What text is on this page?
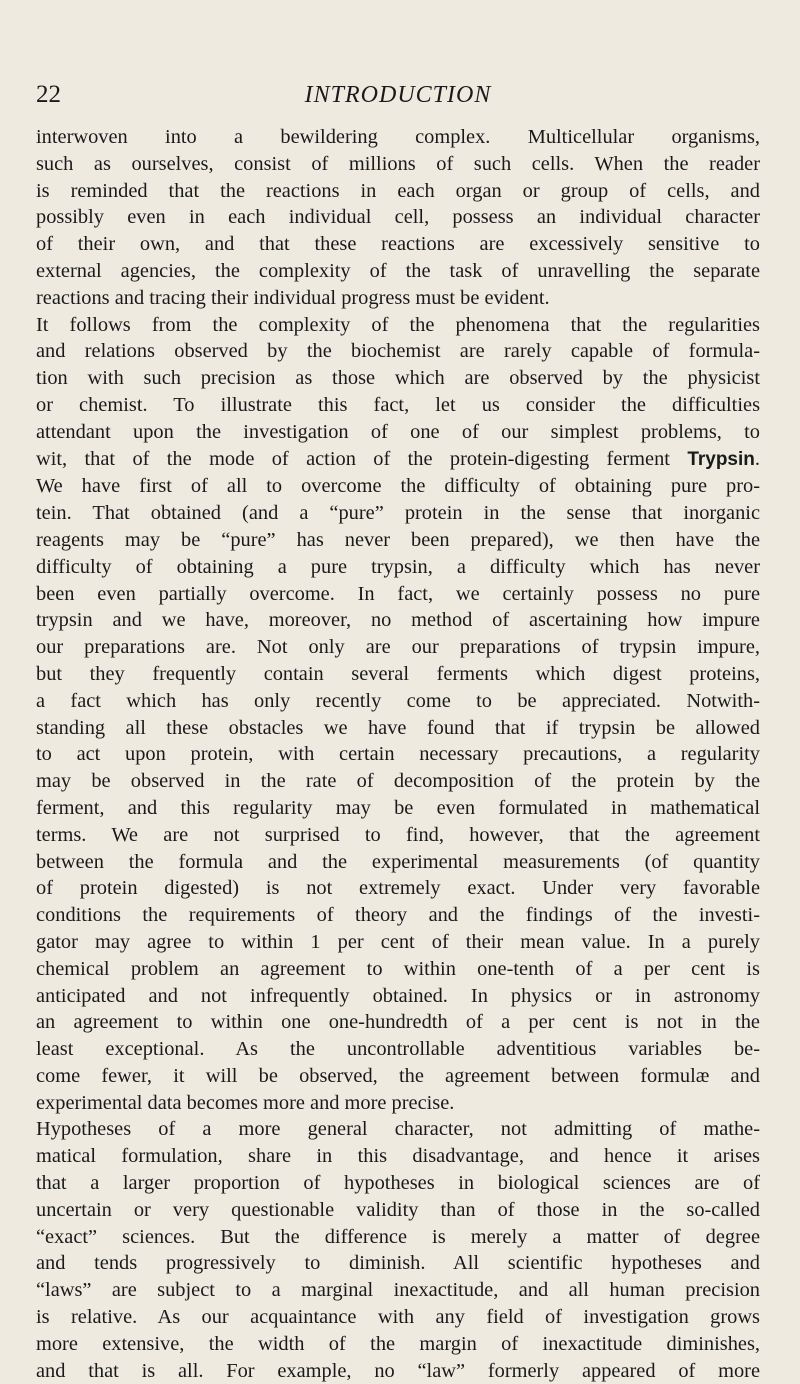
22	INTRODUCTION
interwoven into a bewildering complex. Multicellular organisms,
such as ourselves, consist of millions of such cells. When the reader
is reminded that the reactions in each organ or group of cells, and
possibly even in each individual cell, possess an individual character
of their own, and that these reactions are excessively sensitive to
external agencies, the complexity of the task of unravelling the separate
reactions and tracing their individual progress must be evident.
It follows from the complexity of the phenomena that the regularities
and relations observed by the biochemist are rarely capable of formula-
tion with such precision as those which are observed by the physicist
or chemist. To illustrate this fact, let us consider the difficulties
attendant upon the investigation of one of our simplest problems, to
wit, that of the mode of action of the protein-digesting ferment Trypsin.
We have first of all to overcome the difficulty of obtaining pure pro-
tein. That obtained (and a “pure” protein in the sense that inorganic
reagents may be “pure” has never been prepared), we then have the
difficulty of obtaining a pure trypsin, a difficulty which has never
been even partially overcome. In fact, we certainly possess no pure
trypsin and we have, moreover, no method of ascertaining how impure
our preparations are. Not only are our preparations of trypsin impure,
but they frequently contain several ferments which digest proteins,
a fact which has only recently come to be appreciated. Notwith-
standing all these obstacles we have found that if trypsin be allowed
to act upon protein, with certain necessary precautions, a regularity
may be observed in the rate of decomposition of the protein by the
ferment, and this regularity may be even formulated in mathematical
terms. We are not surprised to find, however, that the agreement
between the formula and the experimental measurements (of quantity
of protein digested) is not extremely exact. Under very favorable
conditions the requirements of theory and the findings of the investi-
gator may agree to within 1 per cent of their mean value. In a purely
chemical problem an agreement to within one-tenth of a per cent is
anticipated and not infrequently obtained. In physics or in astronomy
an agreement to within one one-hundredth of a per cent is not in the
least exceptional. As the uncontrollable adventitious variables be-
come fewer, it will be observed, the agreement between formulæ and
experimental data becomes more and more precise.
Hypotheses of a more general character, not admitting of mathe-
matical formulation, share in this disadvantage, and hence it arises
that a larger proportion of hypotheses in biological sciences are of
uncertain or very questionable validity than of those in the so-called
“exact” sciences. But the difference is merely a matter of degree
and tends progressively to diminish. All scientific hypotheses and
“laws” are subject to a marginal inexactitude, and all human precision
is relative. As our acquaintance with any field of investigation grows
more extensive, the width of the margin of inexactitude diminishes,
and that is all. For example, no “law” formerly appeared of more
